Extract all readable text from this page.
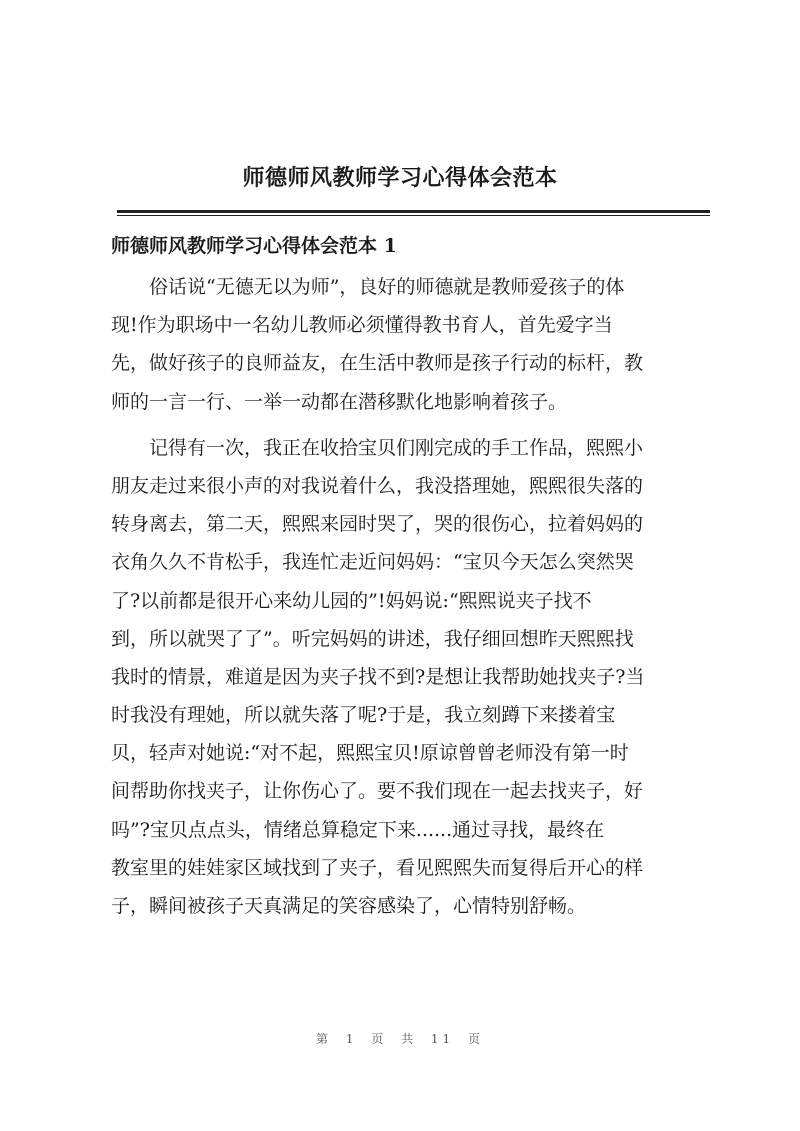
师德师风教师学习心得体会范本
师德师风教师学习心得体会范本 1
　　俗话说“无德无以为师”，良好的师德就是教师爱孩子的体
现!作为职场中一名幼儿教师必须懂得教书育人，首先爱字当
先，做好孩子的良师益友，在生活中教师是孩子行动的标杆，教
师的一言一行、一举一动都在潜移默化地影响着孩子。
　　记得有一次，我正在收拾宝贝们刚完成的手工作品，熙熙小
朋友走过来很小声的对我说着什么，我没搭理她，熙熙很失落的
转身离去，第二天，熙熙来园时哭了，哭的很伤心，拉着妈妈的
衣角久久不肯松手，我连忙走近问妈妈：“宝贝今天怎么突然哭
了?以前都是很开心来幼儿园的”!妈妈说:“熙熙说夹子找不
到，所以就哭了了”。听完妈妈的讲述，我仔细回想昨天熙熙找
我时的情景，难道是因为夹子找不到?是想让我帮助她找夹子?当
时我没有理她，所以就失落了呢?于是，我立刻蹲下来搂着宝
贝，轻声对她说:“对不起，熙熙宝贝!原谅曾曾老师没有第一时
间帮助你找夹子，让你伤心了。要不我们现在一起去找夹子，好
吗”?宝贝点点头，情绪总算稳定下来......通过寻找，最终在
教室里的娃娃家区域找到了夹子，看见熙熙失而复得后开心的样
子，瞬间被孩子天真满足的笑容感染了，心情特别舒畅。
第 1 页 共 11 页
